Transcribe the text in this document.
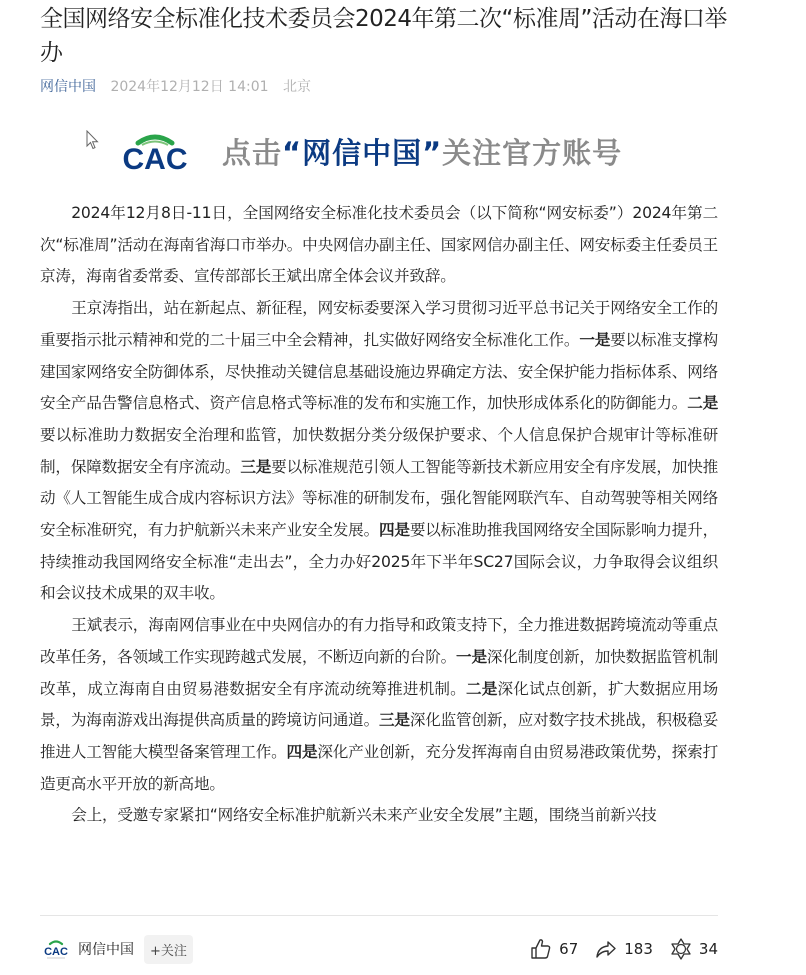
全国网络安全标准化技术委员会2024年第二次“标准周”活动在海口举办
网信中国 2024年12月12日 14:01 北京
CAC 点击“网信中国”关注官方账号

2024年12月8日-11日，全国网络安全标准化技术委员会（以下简称“网安标委”）2024年第二次“标准周”活动在海南省海口市举办。中央网信办副主任、国家网信办副主任、网安标委主任委员王京涛，海南省委常委、宣传部部长王斌出席全体会议并致辞。

王京涛指出，站在新起点、新征程，网安标委要深入学习贯彻习近平总书记关于网络安全工作的重要指示批示精神和党的二十届三中全会精神，扎实做好网络安全标准化工作。一是要以标准支撑构建国家网络安全防御体系，尽快推动关键信息基础设施边界确定方法、安全保护能力指标体系、网络安全产品告警信息格式、资产信息格式等标准的发布和实施工作，加快形成体系化的防御能力。二是要以标准助力数据安全治理和监管，加快数据分类分级保护要求、个人信息保护合规审计等标准研制，保障数据安全有序流动。三是要以标准规范引领人工智能等新技术新应用安全有序发展，加快推动《人工智能生成合成内容标识方法》等标准的研制发布，强化智能网联汽车、自动驾驶等相关网络安全标准研究，有力护航新兴未来产业安全发展。四是要以标准助推我国网络安全国际影响力提升，持续推动我国网络安全标准“走出去”，全力办好2025年下半年SC27国际会议，力争取得会议组织和会议技术成果的双丰收。

王斌表示，海南网信事业在中央网信办的有力指导和政策支持下，全力推进数据跨境流动等重点改革任务，各领域工作实现跨越式发展，不断迈向新的台阶。一是深化制度创新，加快数据监管机制改革，成立海南自由贸易港数据安全有序流动统筹推进机制。二是深化试点创新，扩大数据应用场景，为海南游戏出海提供高质量的跨境访问通道。三是深化监管创新，应对数字技术挑战，积极稳妥推进人工智能大模型备案管理工作。四是深化产业创新，充分发挥海南自由贸易港政策优势，探索打造更高水平开放的新高地。

会上，受邀专家紧扣“网络安全标准护航新兴未来产业安全发展”主题，围绕当前新兴技

CAC 网信中国	+关注	67	183	34
